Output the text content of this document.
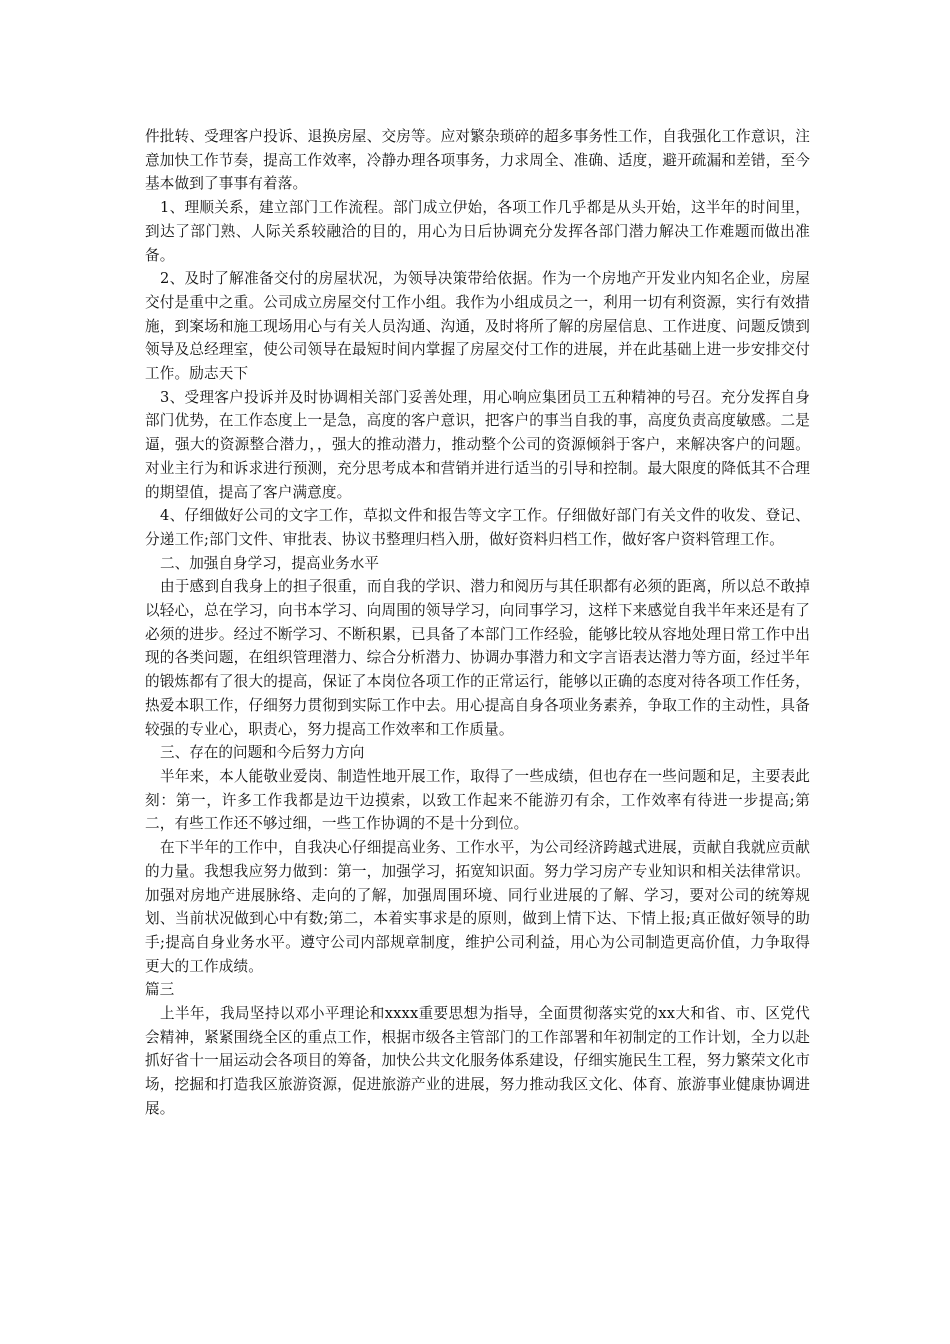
件批转、受理客户投诉、退换房屋、交房等。应对繁杂琐碎的超多事务性工作，自我强化工作意识，注意加快工作节奏，提高工作效率，冷静办理各项事务，力求周全、准确、适度，避开疏漏和差错，至今基本做到了事事有着落。

1、理顺关系，建立部门工作流程。部门成立伊始，各项工作几乎都是从头开始，这半年的时间里，到达了部门熟、人际关系较融洽的目的，用心为日后协调充分发挥各部门潜力解决工作难题而做出准备。

2、及时了解准备交付的房屋状况，为领导决策带给依据。作为一个房地产开发业内知名企业，房屋交付是重中之重。公司成立房屋交付工作小组。我作为小组成员之一，利用一切有利资源，实行有效措施，到案场和施工现场用心与有关人员沟通、沟通，及时将所了解的房屋信息、工作进度、问题反馈到领导及总经理室，使公司领导在最短时间内掌握了房屋交付工作的进展，并在此基础上进一步安排交付工作。励志天下

3、受理客户投诉并及时协调相关部门妥善处理，用心响应集团员工五种精神的号召。充分发挥自身部门优势，在工作态度上一是急，高度的客户意识，把客户的事当自我的事，高度负责高度敏感。二是逼，强大的资源整合潜力，，强大的推动潜力，推动整个公司的资源倾斜于客户，来解决客户的问题。对业主行为和诉求进行预测，充分思考成本和营销并进行适当的引导和控制。最大限度的降低其不合理的期望值，提高了客户满意度。

4、仔细做好公司的文字工作，草拟文件和报告等文字工作。仔细做好部门有关文件的收发、登记、分递工作;部门文件、审批表、协议书整理归档入册，做好资料归档工作，做好客户资料管理工作。

二、加强自身学习，提高业务水平

由于感到自我身上的担子很重，而自我的学识、潜力和阅历与其任职都有必须的距离，所以总不敢掉以轻心，总在学习，向书本学习、向周围的领导学习，向同事学习，这样下来感觉自我半年来还是有了必须的进步。经过不断学习、不断积累，已具备了本部门工作经验，能够比较从容地处理日常工作中出现的各类问题，在组织管理潜力、综合分析潜力、协调办事潜力和文字言语表达潜力等方面，经过半年的锻炼都有了很大的提高，保证了本岗位各项工作的正常运行，能够以正确的态度对待各项工作任务，热爱本职工作，仔细努力贯彻到实际工作中去。用心提高自身各项业务素养，争取工作的主动性，具备较强的专业心，职责心，努力提高工作效率和工作质量。

三、存在的问题和今后努力方向

半年来，本人能敬业爱岗、制造性地开展工作，取得了一些成绩，但也存在一些问题和足，主要表此刻：第一，许多工作我都是边干边摸索，以致工作起来不能游刃有余，工作效率有待进一步提高;第二，有些工作还不够过细，一些工作协调的不是十分到位。

在下半年的工作中，自我决心仔细提高业务、工作水平，为公司经济跨越式进展，贡献自我就应贡献的力量。我想我应努力做到：第一，加强学习，拓宽知识面。努力学习房产专业知识和相关法律常识。加强对房地产进展脉络、走向的了解，加强周围环境、同行业进展的了解、学习，要对公司的统筹规划、当前状况做到心中有数;第二，本着实事求是的原则，做到上情下达、下情上报;真正做好领导的助手;提高自身业务水平。遵守公司内部规章制度，维护公司利益，用心为公司制造更高价值，力争取得更大的工作成绩。

篇三

上半年，我局坚持以邓小平理论和xxxx重要思想为指导，全面贯彻落实党的xx大和省、市、区党代会精神，紧紧围绕全区的重点工作，根据市级各主管部门的工作部署和年初制定的工作计划，全力以赴抓好省十一届运动会各项目的筹备，加快公共文化服务体系建设，仔细实施民生工程，努力繁荣文化市场，挖掘和打造我区旅游资源，促进旅游产业的进展，努力推动我区文化、体育、旅游事业健康协调进展。
